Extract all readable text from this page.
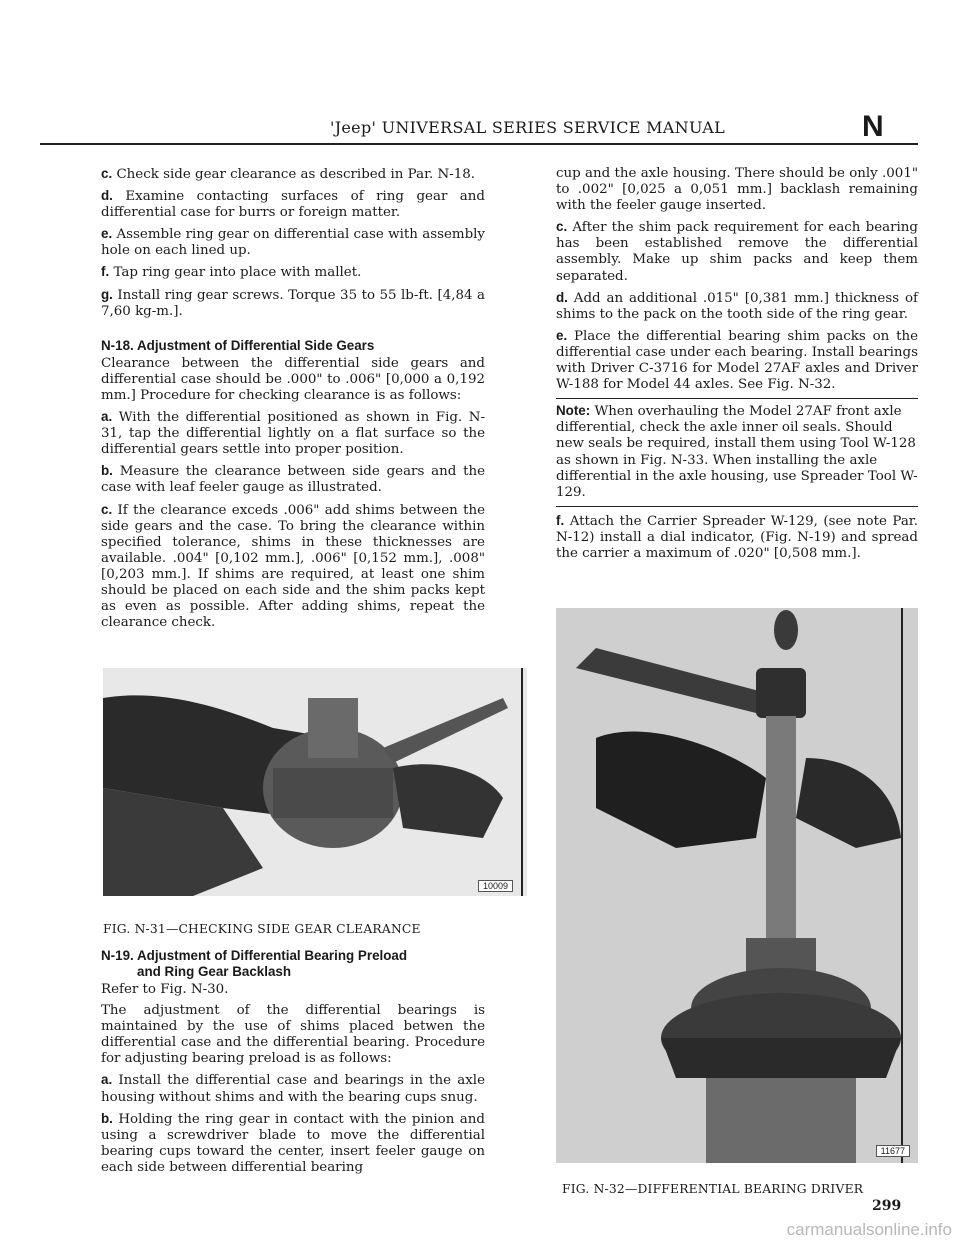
'Jeep' UNIVERSAL SERIES SERVICE MANUAL	N

c. Check side gear clearance as described in Par. N-18.

d. Examine contacting surfaces of ring gear and differential case for burrs or foreign matter.

e. Assemble ring gear on differential case with assembly hole on each lined up.

f. Tap ring gear into place with mallet.

g. Install ring gear screws. Torque 35 to 55 lb-ft. [4,84 a 7,60 kg-m.].

N-18. Adjustment of Differential Side Gears

Clearance between the differential side gears and differential case should be .000" to .006" [0,000 a 0,192 mm.] Procedure for checking clearance is as follows:

a. With the differential positioned as shown in Fig. N-31, tap the differential lightly on a flat surface so the differential gears settle into proper position.

b. Measure the clearance between side gears and the case with leaf feeler gauge as illustrated.

c. If the clearance exceds .006" add shims between the side gears and the case. To bring the clearance within specified tolerance, shims in these thicknesses are available. .004" [0,102 mm.], .006" [0,152 mm.], .008" [0,203 mm.]. If shims are required, at least one shim should be placed on each side and the shim packs kept as even as possible. After adding shims, repeat the clearance check.

10009
FIG. N-31—CHECKING SIDE GEAR CLEARANCE
N-19. Adjustment of Differential Bearing Preload
and Ring Gear Backlash

Refer to Fig. N-30.

The adjustment of the differential bearings is maintained by the use of shims placed betwen the differential case and the differential bearing. Procedure for adjusting bearing preload is as follows:

a. Install the differential case and bearings in the axle housing without shims and with the bearing cups snug.

b. Holding the ring gear in contact with the pinion and using a screwdriver blade to move the differential bearing cups toward the center, insert feeler gauge on each side between differential bearing

cup and the axle housing. There should be only .001" to .002" [0,025 a 0,051 mm.] backlash remaining with the feeler gauge inserted.

c. After the shim pack requirement for each bearing has been established remove the differential assembly. Make up shim packs and keep them separated.

d. Add an additional .015" [0,381 mm.] thickness of shims to the pack on the tooth side of the ring gear.

e. Place the differential bearing shim packs on the differential case under each bearing. Install bearings with Driver C-3716 for Model 27AF axles and Driver W-188 for Model 44 axles. See Fig. N-32.

Note: When overhauling the Model 27AF front axle differential, check the axle inner oil seals. Should new seals be required, install them using Tool W-128 as shown in Fig. N-33. When installing the axle differential in the axle housing, use Spreader Tool W-129.

f. Attach the Carrier Spreader W-129, (see note Par. N-12) install a dial indicator, (Fig. N-19) and spread the carrier a maximum of .020" [0,508 mm.].

11677
FIG. N-32—DIFFERENTIAL BEARING DRIVER
299
carmanualsonline.info
